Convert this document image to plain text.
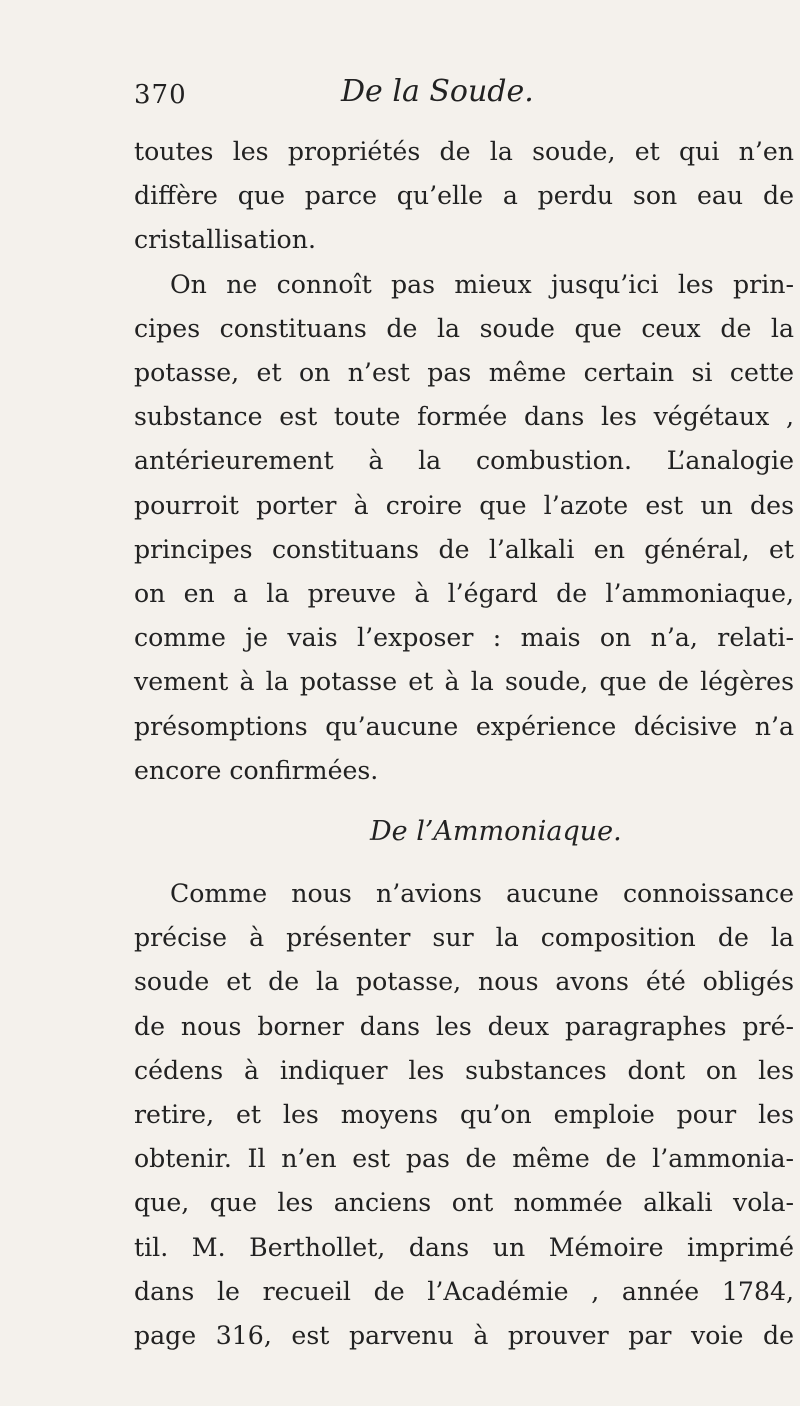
370	De la Soude.
toutes les propriétés de la soude, et qui n’en
diffère que parce qu’elle a perdu son eau de
cristallisation.
On ne connoît pas mieux jusqu’ici les prin-
cipes constituans de la soude que ceux de la
potasse, et on n’est pas même certain si cette
substance est toute formée dans les végétaux ,
antérieurement à la combustion. L’analogie
pourroit porter à croire que l’azote est un des
principes constituans de l’alkali en général, et
on en a la preuve à l’égard de l’ammoniaque,
comme je vais l’exposer : mais on n’a, relati-
vement à la potasse et à la soude, que de légères
présomptions qu’aucune expérience décisive n’a
encore confirmées.
De l’Ammoniaque.
Comme nous n’avions aucune connoissance
précise à présenter sur la composition de la
soude et de la potasse, nous avons été obligés
de nous borner dans les deux paragraphes pré-
cédens à indiquer les substances dont on les
retire, et les moyens qu’on emploie pour les
obtenir. Il n’en est pas de même de l’ammonia-
que, que les anciens ont nommée alkali vola-
til. M. Berthollet, dans un Mémoire imprimé
dans le recueil de l’Académie , année 1784,
page 316, est parvenu à prouver par voie de
